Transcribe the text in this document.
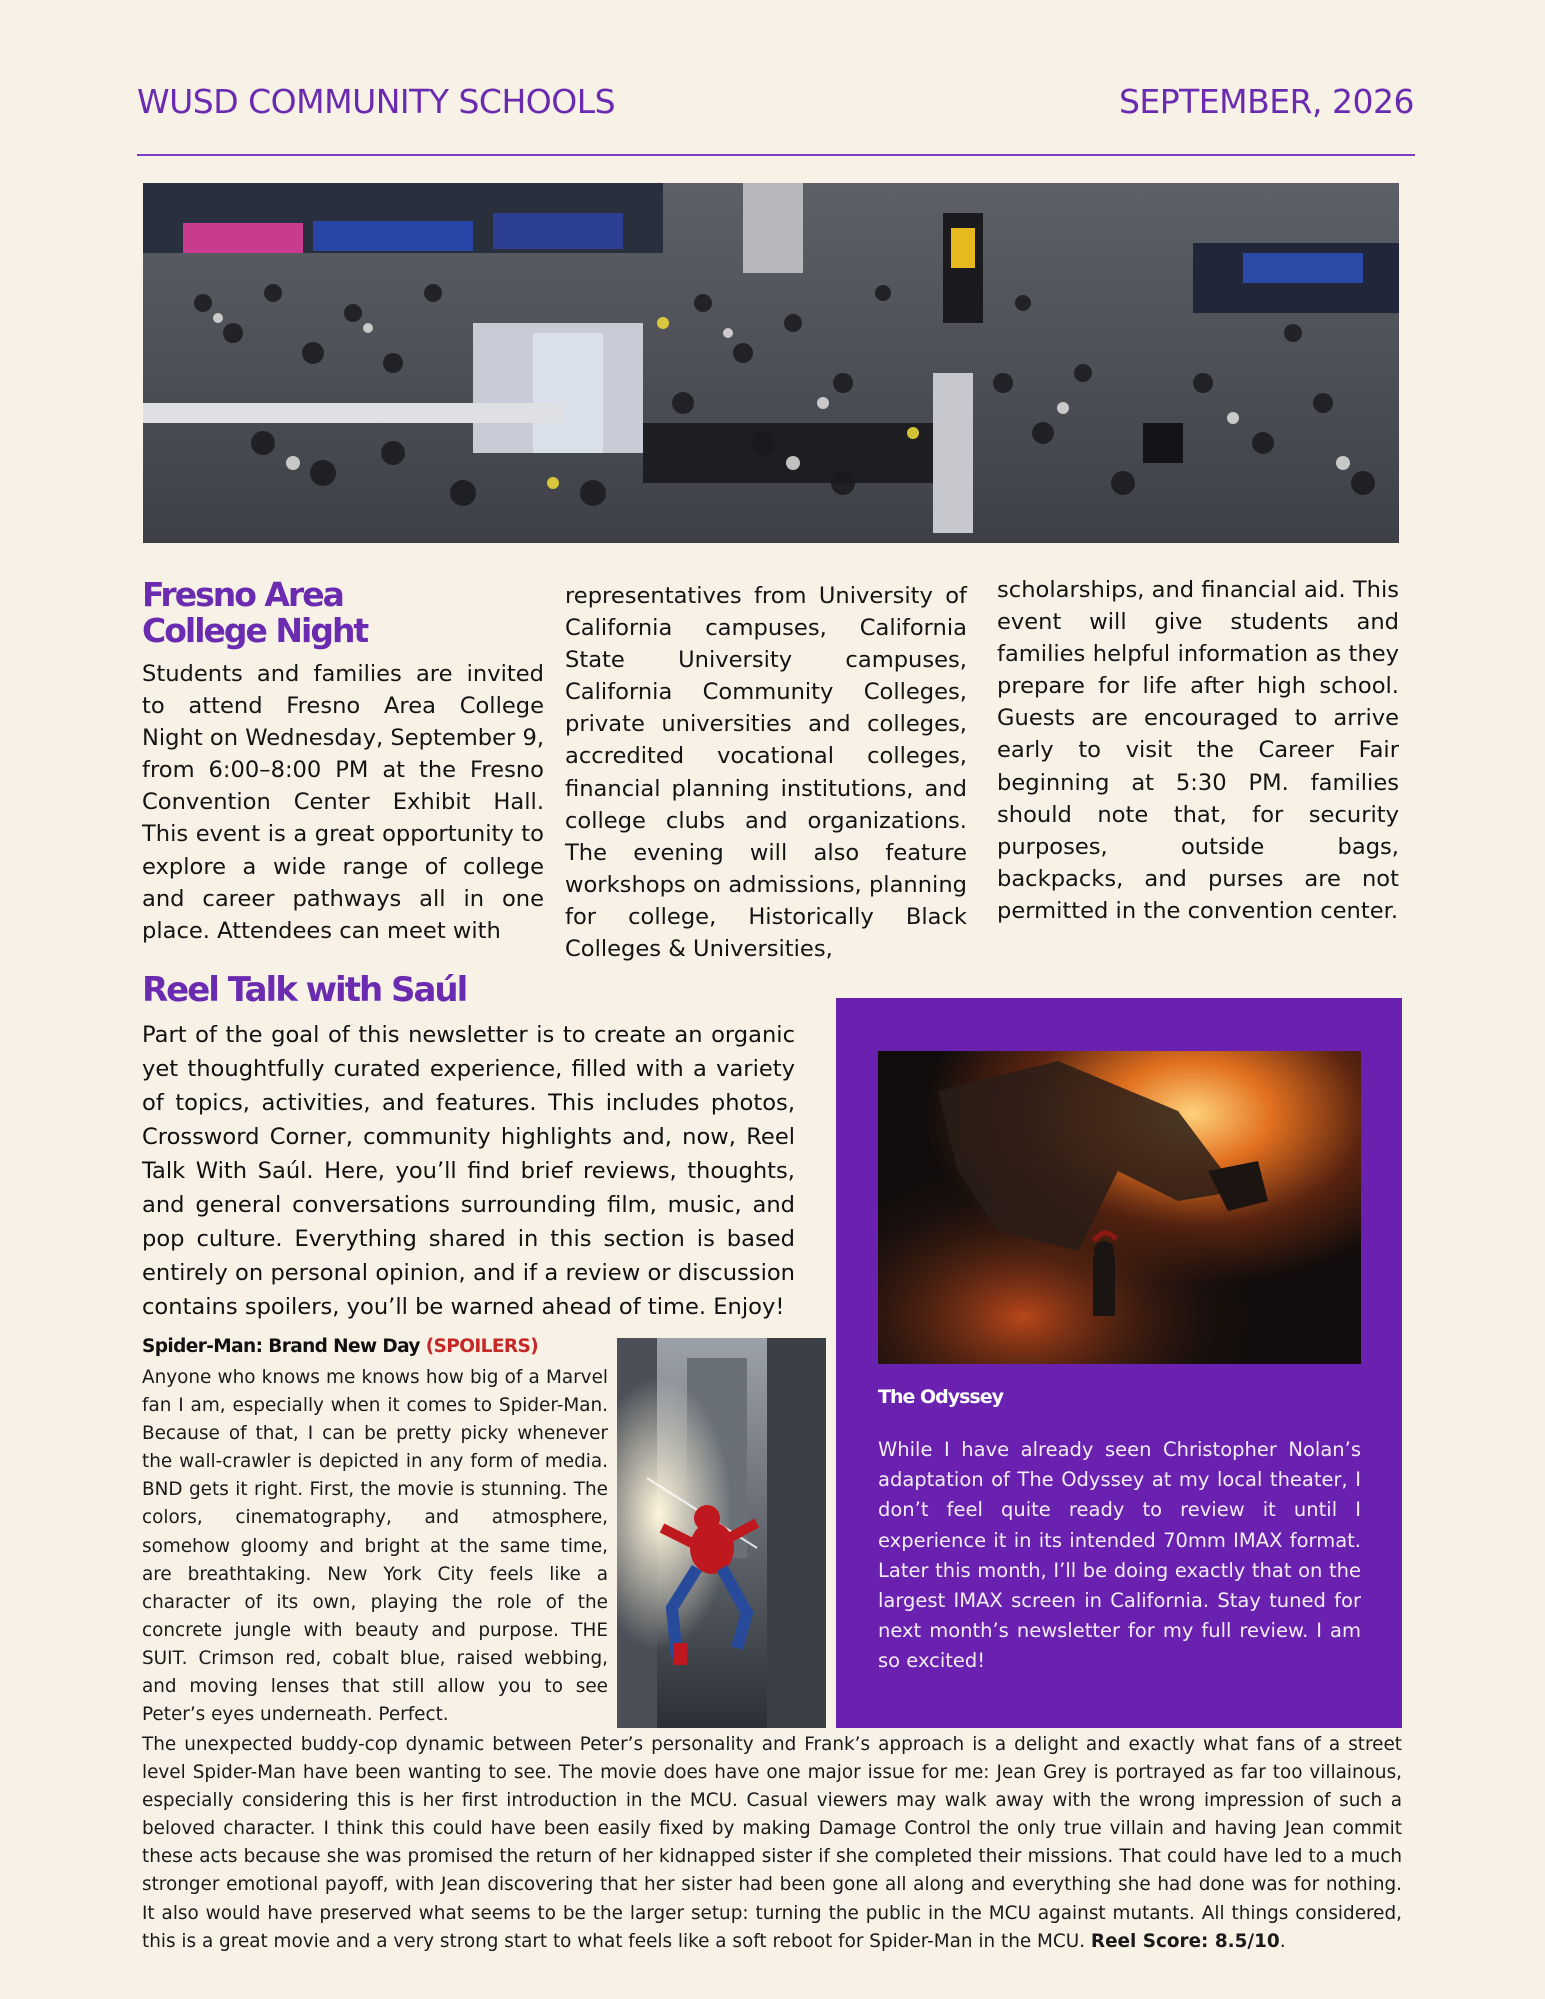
WUSD COMMUNITY SCHOOLS	SEPTEMBER, 2026
Fresno Area College Night

Students and families are invited to attend Fresno Area College Night on Wednesday, September 9, from 6:00–8:00 PM at the Fresno Convention Center Exhibit Hall. This event is a great opportunity to explore a wide range of college and career pathways all in one place. Attendees can meet with

representatives from University of California campuses, California State University campuses, California Community Colleges, private universities and colleges, accredited vocational colleges, financial planning institutions, and college clubs and organizations. The evening will also feature workshops on admissions, planning for college, Historically Black Colleges & Universities,

scholarships, and financial aid. This event will give students and families helpful information as they prepare for life after high school. Guests are encouraged to arrive early to visit the Career Fair beginning at 5:30 PM. families should note that, for security purposes, outside bags, backpacks, and purses are not permitted in the convention center.

Reel Talk with Saúl

Part of the goal of this newsletter is to create an organic yet thoughtfully curated experience, filled with a variety of topics, activities, and features. This includes photos, Crossword Corner, community highlights and, now, Reel Talk With Saúl. Here, you’ll find brief reviews, thoughts, and general conversations surrounding film, music, and pop culture. Everything shared in this section is based entirely on personal opinion, and if a review or discussion contains spoilers, you’ll be warned ahead of time. Enjoy!

The Odyssey

While I have already seen Christopher Nolan’s adaptation of The Odyssey at my local theater, I don’t feel quite ready to review it until I experience it in its intended 70mm IMAX format. Later this month, I’ll be doing exactly that on the largest IMAX screen in California. Stay tuned for next month’s newsletter for my full review. I am so excited!

Spider-Man: Brand New Day (SPOILERS)

Anyone who knows me knows how big of a Marvel fan I am, especially when it comes to Spider-Man. Because of that, I can be pretty picky whenever the wall-crawler is depicted in any form of media. BND gets it right. First, the movie is stunning. The colors, cinematography, and atmosphere, somehow gloomy and bright at the same time, are breathtaking. New York City feels like a character of its own, playing the role of the concrete jungle with beauty and purpose. THE SUIT. Crimson red, cobalt blue, raised webbing, and moving lenses that still allow you to see Peter’s eyes underneath. Perfect.

The unexpected buddy-cop dynamic between Peter’s personality and Frank’s approach is a delight and exactly what fans of a street level Spider-Man have been wanting to see. The movie does have one major issue for me: Jean Grey is portrayed as far too villainous, especially considering this is her first introduction in the MCU. Casual viewers may walk away with the wrong impression of such a beloved character. I think this could have been easily fixed by making Damage Control the only true villain and having Jean commit these acts because she was promised the return of her kidnapped sister if she completed their missions. That could have led to a much stronger emotional payoff, with Jean discovering that her sister had been gone all along and everything she had done was for nothing. It also would have preserved what seems to be the larger setup: turning the public in the MCU against mutants. All things considered, this is a great movie and a very strong start to what feels like a soft reboot for Spider-Man in the MCU. Reel Score: 8.5/10.
